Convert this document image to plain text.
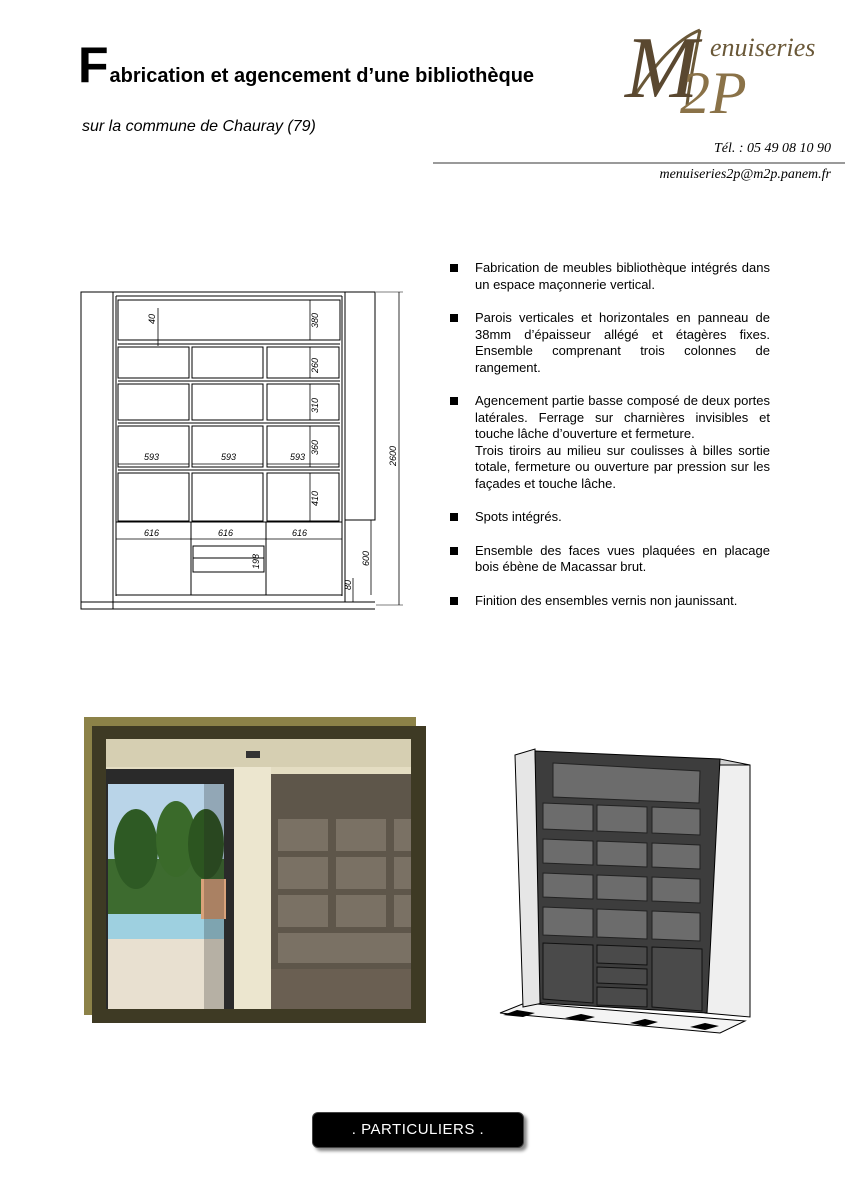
Fabrication et agencement d’une bibliothèque
sur la commune de Chauray (79)
M enuiseries
2P
Tél. : 05 49 08 10 90
menuiseries2p@m2p.panem.fr
40	380
260
310
360
410
2600
593	593	593
616	616	616
198	600
80
Fabrication de meubles bibliothèque intégrés dans un espace maçonnerie vertical.
Parois verticales et horizontales en panneau de 38mm d’épaisseur allégé et étagères fixes. Ensemble comprenant trois colonnes de rangement.
Agencement partie basse composé de deux portes latérales. Ferrage sur charnières invisibles et touche lâche d’ouverture et fermeture.
Trois tiroirs au milieu sur coulisses à billes sortie totale, fermeture ou ouverture par pression sur les façades et touche lâche.
Spots intégrés.
Ensemble des faces vues plaquées en placage bois ébène de Macassar brut.
Finition des ensembles vernis non jaunissant.
. PARTICULIERS .
